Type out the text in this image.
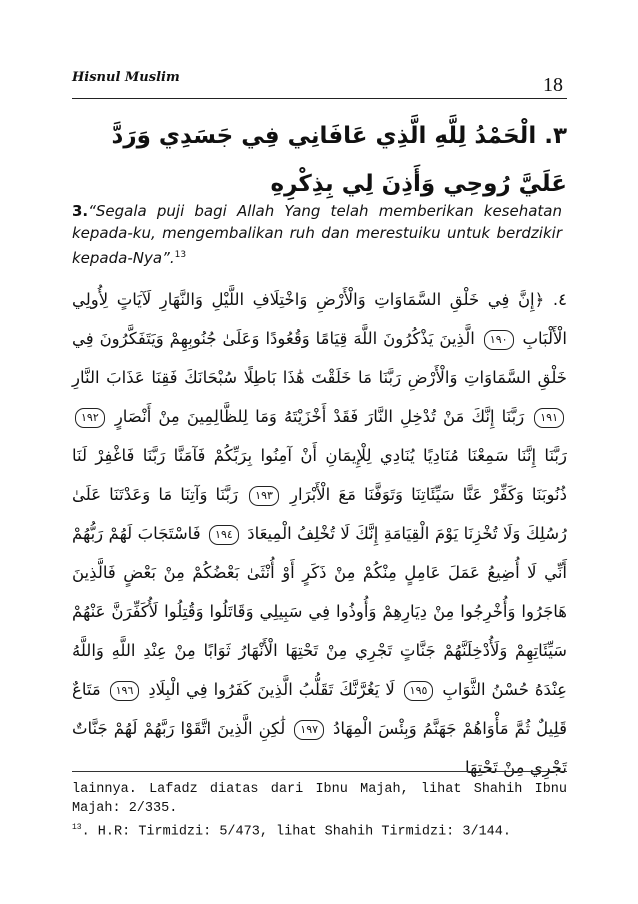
Hisnul Muslim	18
٣. الْحَمْدُ لِلَّهِ الَّذِي عَافَانِي فِي جَسَدِي وَرَدَّ عَلَيَّ رُوحِي وَأَذِنَ لِي بِذِكْرِهِ
3.“Segala puji bagi Allah Yang telah memberikan kesehatan kepada-ku, mengembalikan ruh dan merestuiku untuk berdzikir kepada-Nya”.$^{13}$
٤. ﴿إِنَّ فِي خَلْقِ السَّمَاوَاتِ وَالْأَرْضِ وَاخْتِلَافِ اللَّيْلِ وَالنَّهَارِ لَآيَاتٍ لِأُولِي الْأَلْبَابِ ١٩٠ الَّذِينَ يَذْكُرُونَ اللَّهَ قِيَامًا وَقُعُودًا وَعَلَىٰ جُنُوبِهِمْ وَيَتَفَكَّرُونَ فِي خَلْقِ السَّمَاوَاتِ وَالْأَرْضِ رَبَّنَا مَا خَلَقْتَ هَٰذَا بَاطِلًا سُبْحَانَكَ فَقِنَا عَذَابَ النَّارِ ١٩١ رَبَّنَا إِنَّكَ مَنْ تُدْخِلِ النَّارَ فَقَدْ أَخْزَيْتَهُ وَمَا لِلظَّالِمِينَ مِنْ أَنْصَارٍ ١٩٢ رَبَّنَا إِنَّنَا سَمِعْنَا مُنَادِيًا يُنَادِي لِلْإِيمَانِ أَنْ آمِنُوا بِرَبِّكُمْ فَآمَنَّا رَبَّنَا فَاغْفِرْ لَنَا ذُنُوبَنَا وَكَفِّرْ عَنَّا سَيِّئَاتِنَا وَتَوَفَّنَا مَعَ الْأَبْرَارِ ١٩٣ رَبَّنَا وَآتِنَا مَا وَعَدْتَنَا عَلَىٰ رُسُلِكَ وَلَا تُخْزِنَا يَوْمَ الْقِيَامَةِ إِنَّكَ لَا تُخْلِفُ الْمِيعَادَ ١٩٤ فَاسْتَجَابَ لَهُمْ رَبُّهُمْ أَنِّي لَا أُضِيعُ عَمَلَ عَامِلٍ مِنْكُمْ مِنْ ذَكَرٍ أَوْ أُنْثَىٰ بَعْضُكُمْ مِنْ بَعْضٍ فَالَّذِينَ هَاجَرُوا وَأُخْرِجُوا مِنْ دِيَارِهِمْ وَأُوذُوا فِي سَبِيلِي وَقَاتَلُوا وَقُتِلُوا لَأُكَفِّرَنَّ عَنْهُمْ سَيِّئَاتِهِمْ وَلَأُدْخِلَنَّهُمْ جَنَّاتٍ تَجْرِي مِنْ تَحْتِهَا الْأَنْهَارُ ثَوَابًا مِنْ عِنْدِ اللَّهِ وَاللَّهُ عِنْدَهُ حُسْنُ الثَّوَابِ ١٩٥ لَا يَغُرَّنَّكَ تَقَلُّبُ الَّذِينَ كَفَرُوا فِي الْبِلَادِ ١٩٦ مَتَاعٌ قَلِيلٌ ثُمَّ مَأْوَاهُمْ جَهَنَّمُ وَبِئْسَ الْمِهَادُ ١٩٧ لَٰكِنِ الَّذِينَ اتَّقَوْا رَبَّهُمْ لَهُمْ جَنَّاتٌ تَجْرِي مِنْ تَحْتِهَا
lainnya. Lafadz diatas dari Ibnu Majah, lihat Shahih Ibnu Majah: 2/335.
$^{13}$. H.R: Tirmidzi: 5/473, lihat Shahih Tirmidzi: 3/144.
